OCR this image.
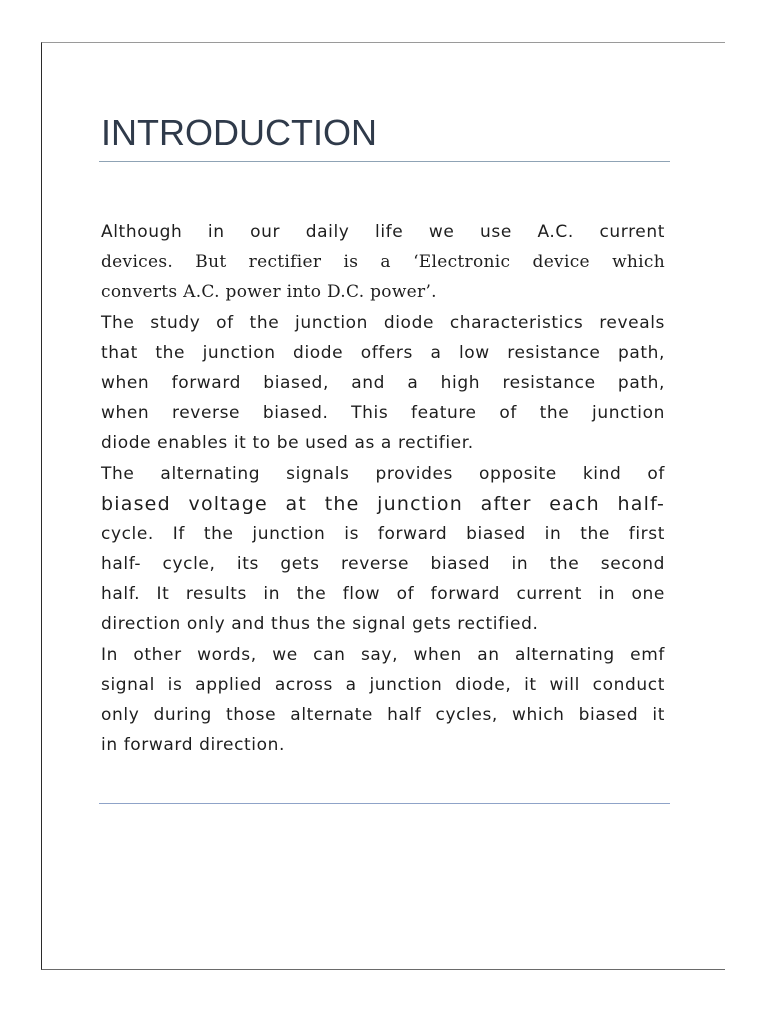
INTRODUCTION
Although in our daily life we use A.C. current
devices. But rectifier is a ‘Electronic device which
converts A.C. power into D.C. power’.
The study of the junction diode characteristics reveals
that the junction diode offers a low resistance path,
when forward biased, and a high resistance path,
when reverse biased. This feature of the junction
diode enables it to be used as a rectifier.
The alternating signals provides opposite kind of
biased voltage at the junction after each half-
cycle. If the junction is forward biased in the first
half- cycle, its gets reverse biased in the second
half. It results in the flow of forward current in one
direction only and thus the signal gets rectified.
In other words, we can say, when an alternating emf
signal is applied across a junction diode, it will conduct
only during those alternate half cycles, which biased it
in forward direction.
